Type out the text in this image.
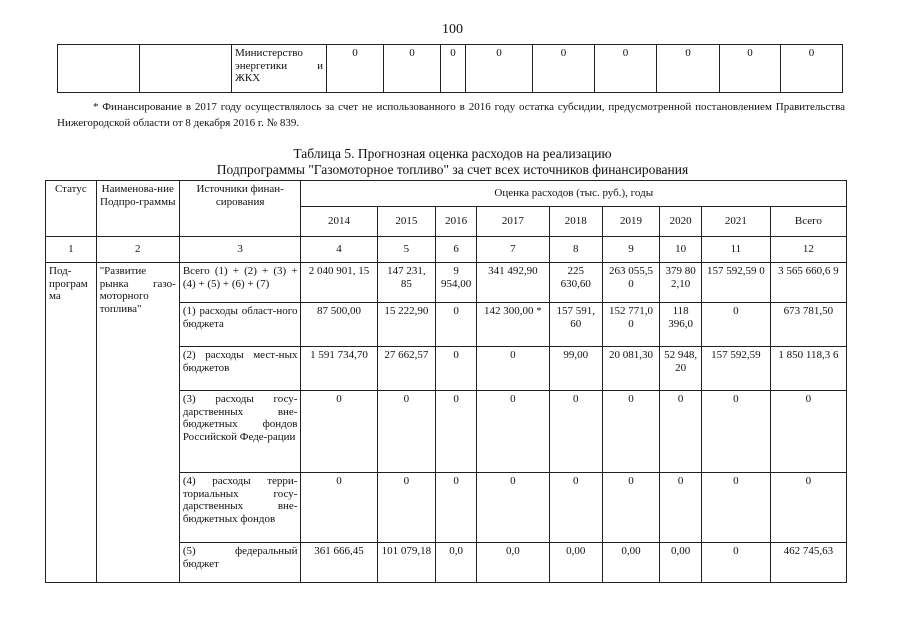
100
		Министерство энергетики и ЖКХ	0	0	0	0	0	0	0	0	0
* Финансирование в 2017 году осуществлялось за счет не использованного в 2016 году остатка субсидии, предусмотренной постановлением Правительства Нижегородской области от 8 декабря 2016 г. № 839.
Таблица 5. Прогнозная оценка расходов на реализацию
Подпрограммы "Газомоторное топливо" за счет всех источников финансирования
Статус	Наименова-ние Подпро-граммы	Источники финан-сирования	Оценка расходов (тыс. руб.), годы								
			2014	2015	2016	2017	2018	2019	2020	2021	Всего
1	2	3	4	5	6	7	8	9	10	11	12
Под-программа	"Развитие рынка газо-моторного топлива"	Всего (1) + (2) + (3) + (4) + (5) + (6) + (7)	2 040 901, 15	147 231, 85	9 954,00	341 492,90	225 630,60	263 055,5 0	379 80 2,10	157 592,59 0	3 565 660,6 9
		(1) расходы област-ного бюджета	87 500,00	15 222,90	0	142 300,00 *	157 591, 60	152 771,0 0	118 396,0	0	673 781,50
		(2) расходы мест-ных бюджетов	1 591 734,70	27 662,57	0	0	99,00	20 081,30	52 948, 20	157 592,59	1 850 118,3 6
		(3) расходы госу-дарственных вне-бюджетных фондов Российской Феде-рации	0	0	0	0	0	0	0	0	0
		(4) расходы терри-ториальных госу-дарственных вне-бюджетных фондов	0	0	0	0	0	0	0	0	0
		(5) федеральный бюджет	361 666,45	101 079,18	0,0	0,0	0,00	0,00	0,00	0	462 745,63
